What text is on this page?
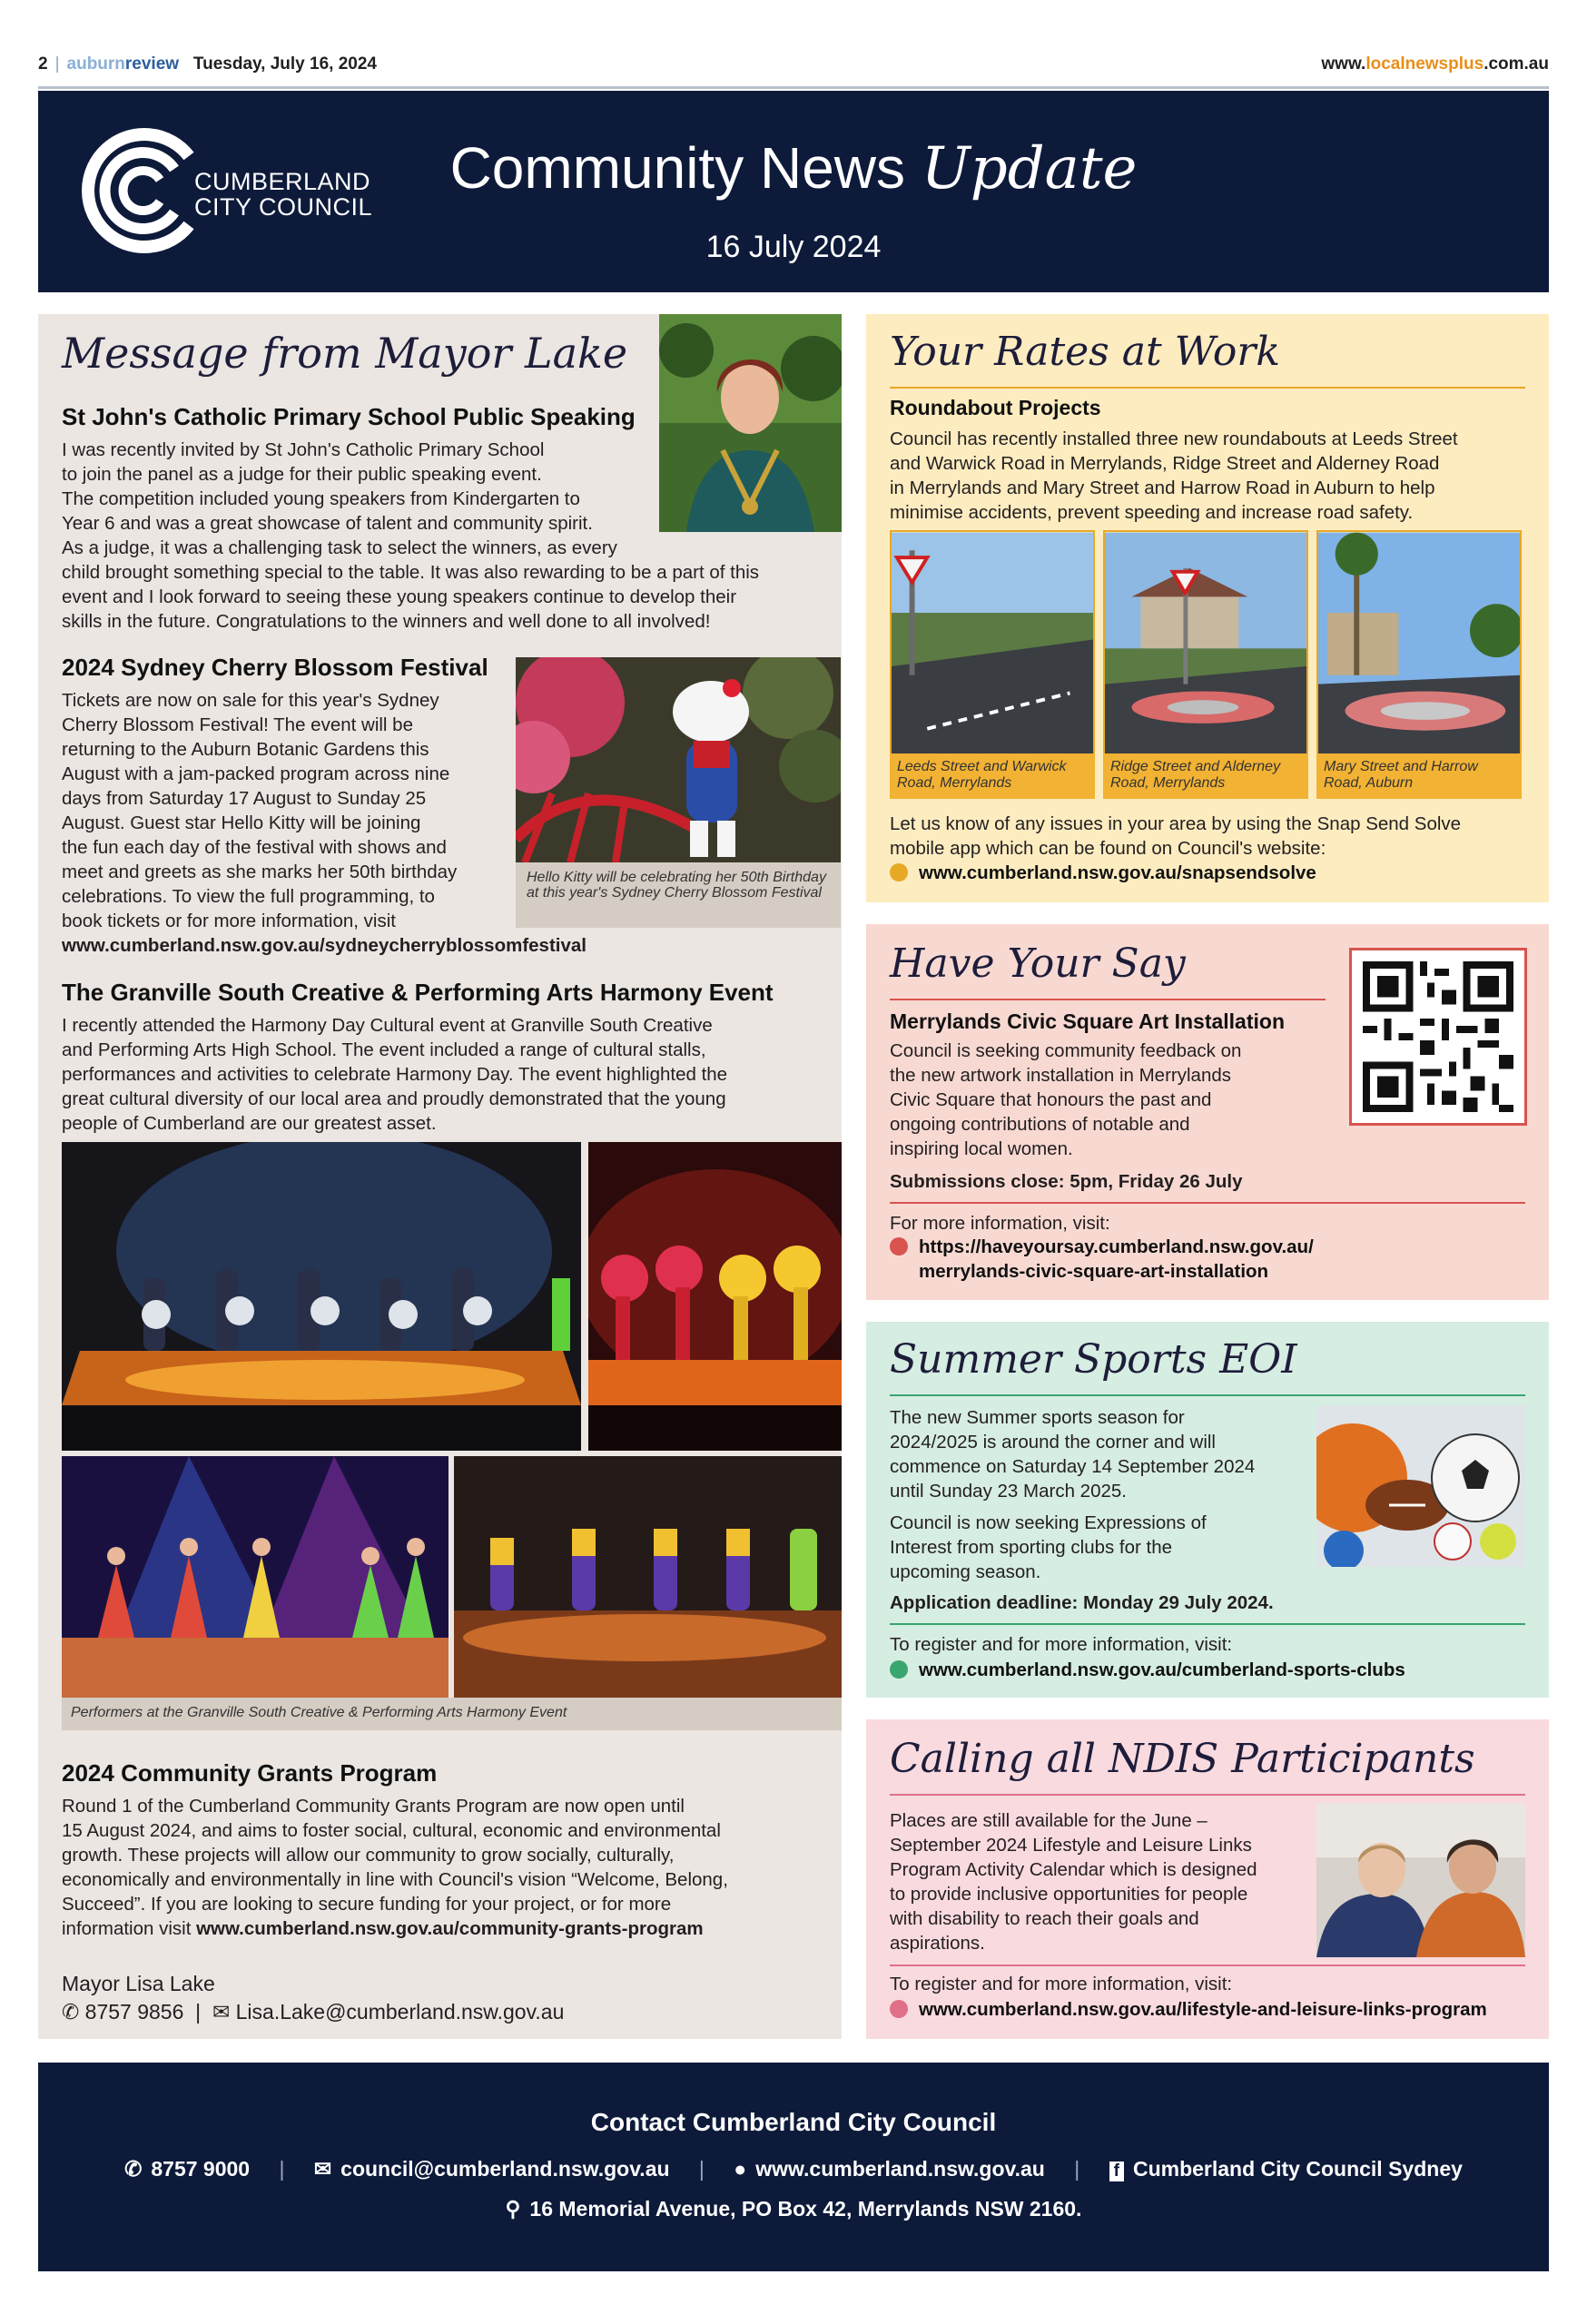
2 | auburnreview Tuesday, July 16, 2024	www.localnewsplus.com.au
CUMBERLAND
CITY COUNCIL
Community News Update
16 July 2024
Message from Mayor Lake
St John's Catholic Primary School Public Speaking
I was recently invited by St John's Catholic Primary School
to join the panel as a judge for their public speaking event.
The competition included young speakers from Kindergarten to
Year 6 and was a great showcase of talent and community spirit.
As a judge, it was a challenging task to select the winners, as every
child brought something special to the table. It was also rewarding to be a part of this
event and I look forward to seeing these young speakers continue to develop their
skills in the future. Congratulations to the winners and well done to all involved!
2024 Sydney Cherry Blossom Festival
Tickets are now on sale for this year's Sydney
Cherry Blossom Festival! The event will be
returning to the Auburn Botanic Gardens this
August with a jam-packed program across nine
days from Saturday 17 August to Sunday 25
August. Guest star Hello Kitty will be joining
the fun each day of the festival with shows and
meet and greets as she marks her 50th birthday
celebrations. To view the full programming, to
book tickets or for more information, visit
www.cumberland.nsw.gov.au/sydneycherryblossomfestival
Hello Kitty will be celebrating her 50th Birthday at this year's Sydney Cherry Blossom Festival
The Granville South Creative & Performing Arts Harmony Event
I recently attended the Harmony Day Cultural event at Granville South Creative
and Performing Arts High School. The event included a range of cultural stalls,
performances and activities to celebrate Harmony Day. The event highlighted the
great cultural diversity of our local area and proudly demonstrated that the young
people of Cumberland are our greatest asset.
Performers at the Granville South Creative & Performing Arts Harmony Event
2024 Community Grants Program
Round 1 of the Cumberland Community Grants Program are now open until
15 August 2024, and aims to foster social, cultural, economic and environmental
growth. These projects will allow our community to grow socially, culturally,
economically and environmentally in line with Council's vision “Welcome, Belong,
Succeed”. If you are looking to secure funding for your project, or for more
information visit www.cumberland.nsw.gov.au/community-grants-program
Mayor Lisa Lake
✆ 8757 9856  |  ✉ Lisa.Lake@cumberland.nsw.gov.au
Your Rates at Work
Roundabout Projects
Council has recently installed three new roundabouts at Leeds Street
and Warwick Road in Merrylands, Ridge Street and Alderney Road
in Merrylands and Mary Street and Harrow Road in Auburn to help
minimise accidents, prevent speeding and increase road safety.
Leeds Street and Warwick Road, Merrylands
Ridge Street and Alderney Road, Merrylands
Mary Street and Harrow Road, Auburn
Let us know of any issues in your area by using the Snap Send Solve
mobile app which can be found on Council's website:
www.cumberland.nsw.gov.au/snapsendsolve
Have Your Say
Merrylands Civic Square Art Installation
Council is seeking community feedback on
the new artwork installation in Merrylands
Civic Square that honours the past and
ongoing contributions of notable and
inspiring local women.
Submissions close: 5pm, Friday 26 July
For more information, visit:
https://haveyoursay.cumberland.nsw.gov.au/
merrylands-civic-square-art-installation
Summer Sports EOI
The new Summer sports season for
2024/2025 is around the corner and will
commence on Saturday 14 September 2024
until Sunday 23 March 2025.
Council is now seeking Expressions of
Interest from sporting clubs for the
upcoming season.
Application deadline: Monday 29 July 2024.
To register and for more information, visit:
www.cumberland.nsw.gov.au/cumberland-sports-clubs
Calling all NDIS Participants
Places are still available for the June –
September 2024 Lifestyle and Leisure Links
Program Activity Calendar which is designed
to provide inclusive opportunities for people
with disability to reach their goals and
aspirations.
To register and for more information, visit:
www.cumberland.nsw.gov.au/lifestyle-and-leisure-links-program
Contact Cumberland City Council
✆ 8757 9000 | ✉ council@cumberland.nsw.gov.au | ● www.cumberland.nsw.gov.au | f Cumberland City Council Sydney
⚲ 16 Memorial Avenue, PO Box 42, Merrylands NSW 2160.
